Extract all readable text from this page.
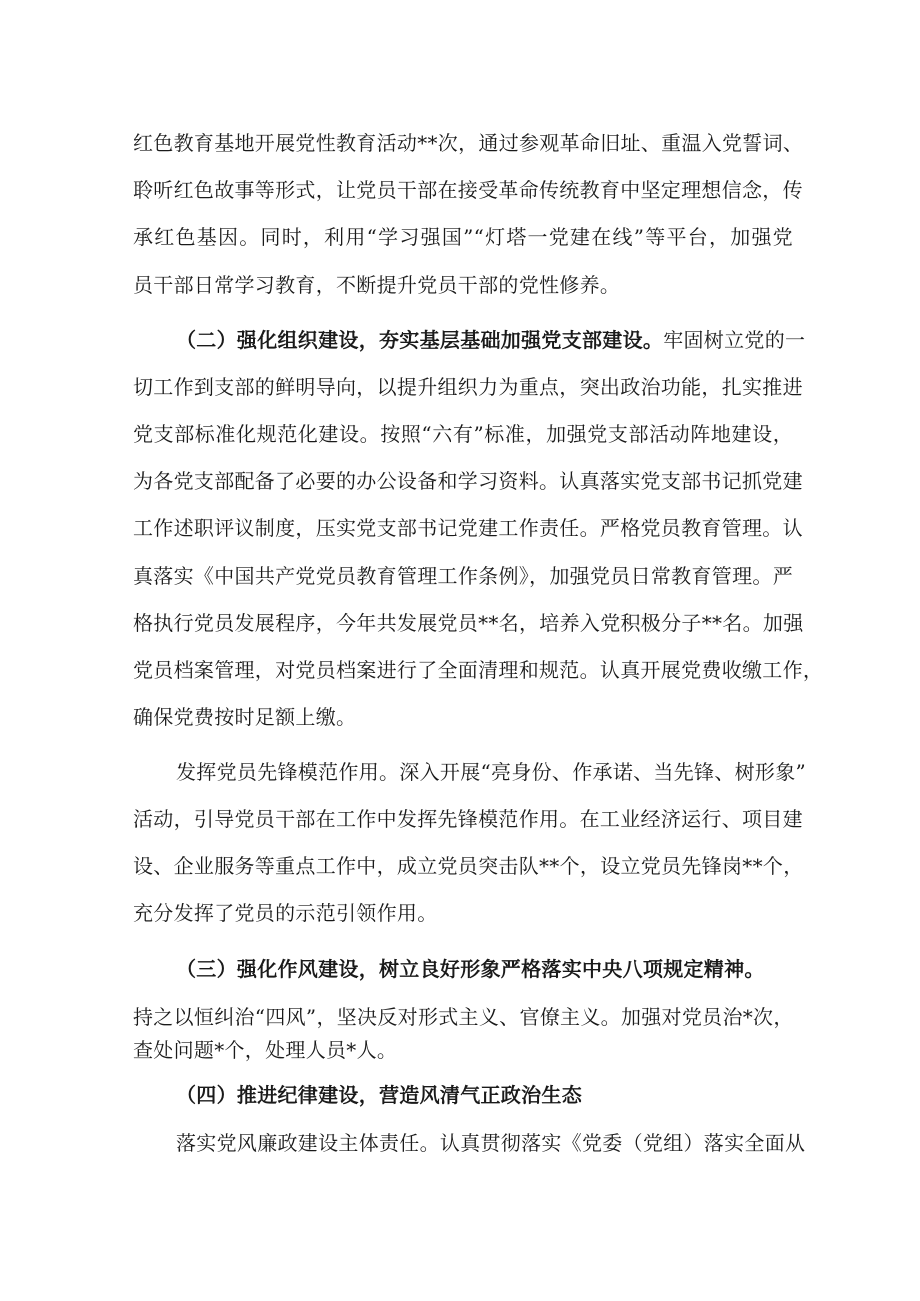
红色教育基地开展党性教育活动**次，通过参观革命旧址、重温入党誓词、
聆听红色故事等形式，让党员干部在接受革命传统教育中坚定理想信念，传
承红色基因。同时，利用“学习强国”“灯塔一党建在线”等平台，加强党
员干部日常学习教育，不断提升党员干部的党性修养。
（二）强化组织建设，夯实基层基础加强党支部建设。牢固树立党的一
切工作到支部的鲜明导向，以提升组织力为重点，突出政治功能，扎实推进
党支部标准化规范化建设。按照“六有”标准，加强党支部活动阵地建设，
为各党支部配备了必要的办公设备和学习资料。认真落实党支部书记抓党建
工作述职评议制度，压实党支部书记党建工作责任。严格党员教育管理。认
真落实《中国共产党党员教育管理工作条例》，加强党员日常教育管理。严
格执行党员发展程序，今年共发展党员**名，培养入党积极分子**名。加强
党员档案管理，对党员档案进行了全面清理和规范。认真开展党费收缴工作，
确保党费按时足额上缴。
发挥党员先锋模范作用。深入开展“亮身份、作承诺、当先锋、树形象”
活动，引导党员干部在工作中发挥先锋模范作用。在工业经济运行、项目建
设、企业服务等重点工作中，成立党员突击队**个，设立党员先锋岗**个，
充分发挥了党员的示范引领作用。
（三）强化作风建设，树立良好形象严格落实中央八项规定精神。
持之以恒纠治“四风”，坚决反对形式主义、官僚主义。加强对党员治*次，
查处问题*个，处理人员*人。
（四）推进纪律建设，营造风清气正政治生态
落实党风廉政建设主体责任。认真贯彻落实《党委（党组）落实全面从
